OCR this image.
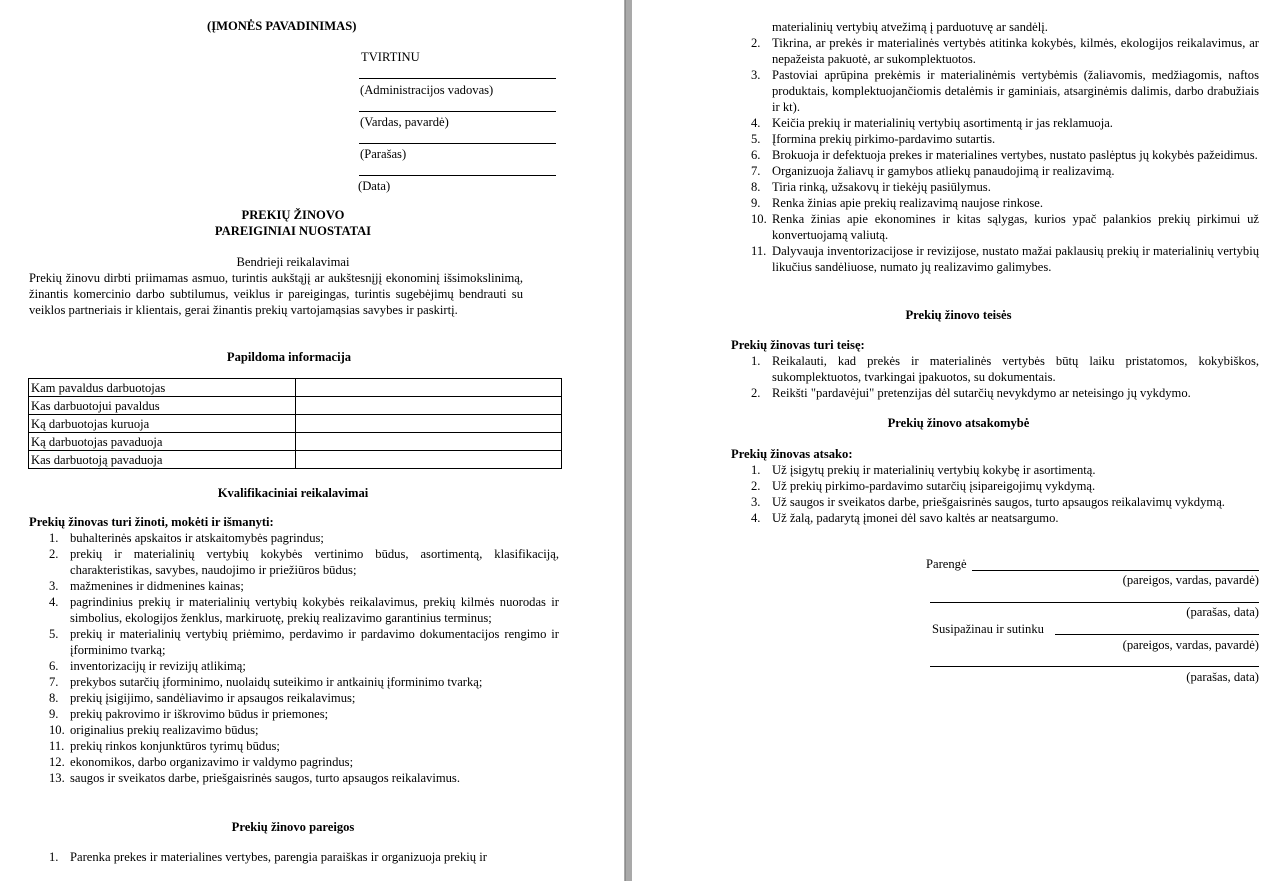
(ĮMONĖS PAVADINIMAS)
TVIRTINU
(Administracijos vadovas)
(Vardas, pavardė)
(Parašas)
(Data)
PREKIŲ ŽINOVO
PAREIGINIAI NUOSTATAI
Bendrieji reikalavimai
Prekių žinovu dirbti priimamas asmuo, turintis aukštąjį ar aukštesnįjį ekonominį išsimokslinimą, žinantis komercinio darbo subtilumus, veiklus ir pareigingas, turintis sugebėjimų bendrauti su veiklos partneriais ir klientais, gerai žinantis prekių vartojamąsias savybes ir paskirtį.
Papildoma informacija
Kam pavaldus darbuotojas	
Kas darbuotojui pavaldus	
Ką darbuotojas kuruoja	
Ką darbuotojas pavaduoja	
Kas darbuotoją pavaduoja	
Kvalifikaciniai reikalavimai
Prekių žinovas turi žinoti, mokėti ir išmanyti:
1. buhalterinės apskaitos ir atskaitomybės pagrindus;
2. prekių ir materialinių vertybių kokybės vertinimo būdus, asortimentą, klasifikaciją, charakteristikas, savybes, naudojimo ir priežiūros būdus;
3. mažmenines ir didmenines kainas;
4. pagrindinius prekių ir materialinių vertybių kokybės reikalavimus, prekių kilmės nuorodas ir simbolius, ekologijos ženklus, markiruotę, prekių realizavimo garantinius terminus;
5. prekių ir materialinių vertybių priėmimo, perdavimo ir pardavimo dokumentacijos rengimo ir įforminimo tvarką;
6. inventorizacijų ir revizijų atlikimą;
7. prekybos sutarčių įforminimo, nuolaidų suteikimo ir antkainių įforminimo tvarką;
8. prekių įsigijimo, sandėliavimo ir apsaugos reikalavimus;
9. prekių pakrovimo ir iškrovimo būdus ir priemones;
10. originalius prekių realizavimo būdus;
11. prekių rinkos konjunktūros tyrimų būdus;
12. ekonomikos, darbo organizavimo ir valdymo pagrindus;
13. saugos ir sveikatos darbe, priešgaisrinės saugos, turto apsaugos reikalavimus.
Prekių žinovo pareigos
1. Parenka prekes ir materialines vertybes, parengia paraiškas ir organizuoja prekių ir
materialinių vertybių atvežimą į parduotuvę ar sandėlį.
2. Tikrina, ar prekės ir materialinės vertybės atitinka kokybės, kilmės, ekologijos reikalavimus, ar nepažeista pakuotė, ar sukomplektuotos.
3. Pastoviai aprūpina prekėmis ir materialinėmis vertybėmis (žaliavomis, medžiagomis, naftos produktais, komplektuojančiomis detalėmis ir gaminiais, atsarginėmis dalimis, darbo drabužiais ir kt).
4. Keičia prekių ir materialinių vertybių asortimentą ir jas reklamuoja.
5. Įformina prekių pirkimo-pardavimo sutartis.
6. Brokuoja ir defektuoja prekes ir materialines vertybes, nustato paslėptus jų kokybės pažeidimus.
7. Organizuoja žaliavų ir gamybos atliekų panaudojimą ir realizavimą.
8. Tiria rinką, užsakovų ir tiekėjų pasiūlymus.
9. Renka žinias apie prekių realizavimą naujose rinkose.
10. Renka žinias apie ekonomines ir kitas sąlygas, kurios ypač palankios prekių pirkimui už konvertuojamą valiutą.
11. Dalyvauja inventorizacijose ir revizijose, nustato mažai paklausių prekių ir materialinių vertybių likučius sandėliuose, numato jų realizavimo galimybes.
Prekių žinovo teisės
Prekių žinovas turi teisę:
1. Reikalauti, kad prekės ir materialinės vertybės būtų laiku pristatomos, kokybiškos, sukomplektuotos, tvarkingai įpakuotos, su dokumentais.
2. Reikšti "pardavėjui" pretenzijas dėl sutarčių nevykdymo ar neteisingo jų vykdymo.
Prekių žinovo atsakomybė
Prekių žinovas atsako:
1. Už įsigytų prekių ir materialinių vertybių kokybę ir asortimentą.
2. Už prekių pirkimo-pardavimo sutarčių įsipareigojimų vykdymą.
3. Už saugos ir sveikatos darbe, priešgaisrinės saugos, turto apsaugos reikalavimų vykdymą.
4. Už žalą, padarytą įmonei dėl savo kaltės ar neatsargumo.
Parengė
(pareigos, vardas, pavardė)
(parašas, data)
Susipažinau ir sutinku
(pareigos, vardas, pavardė)
(parašas, data)
